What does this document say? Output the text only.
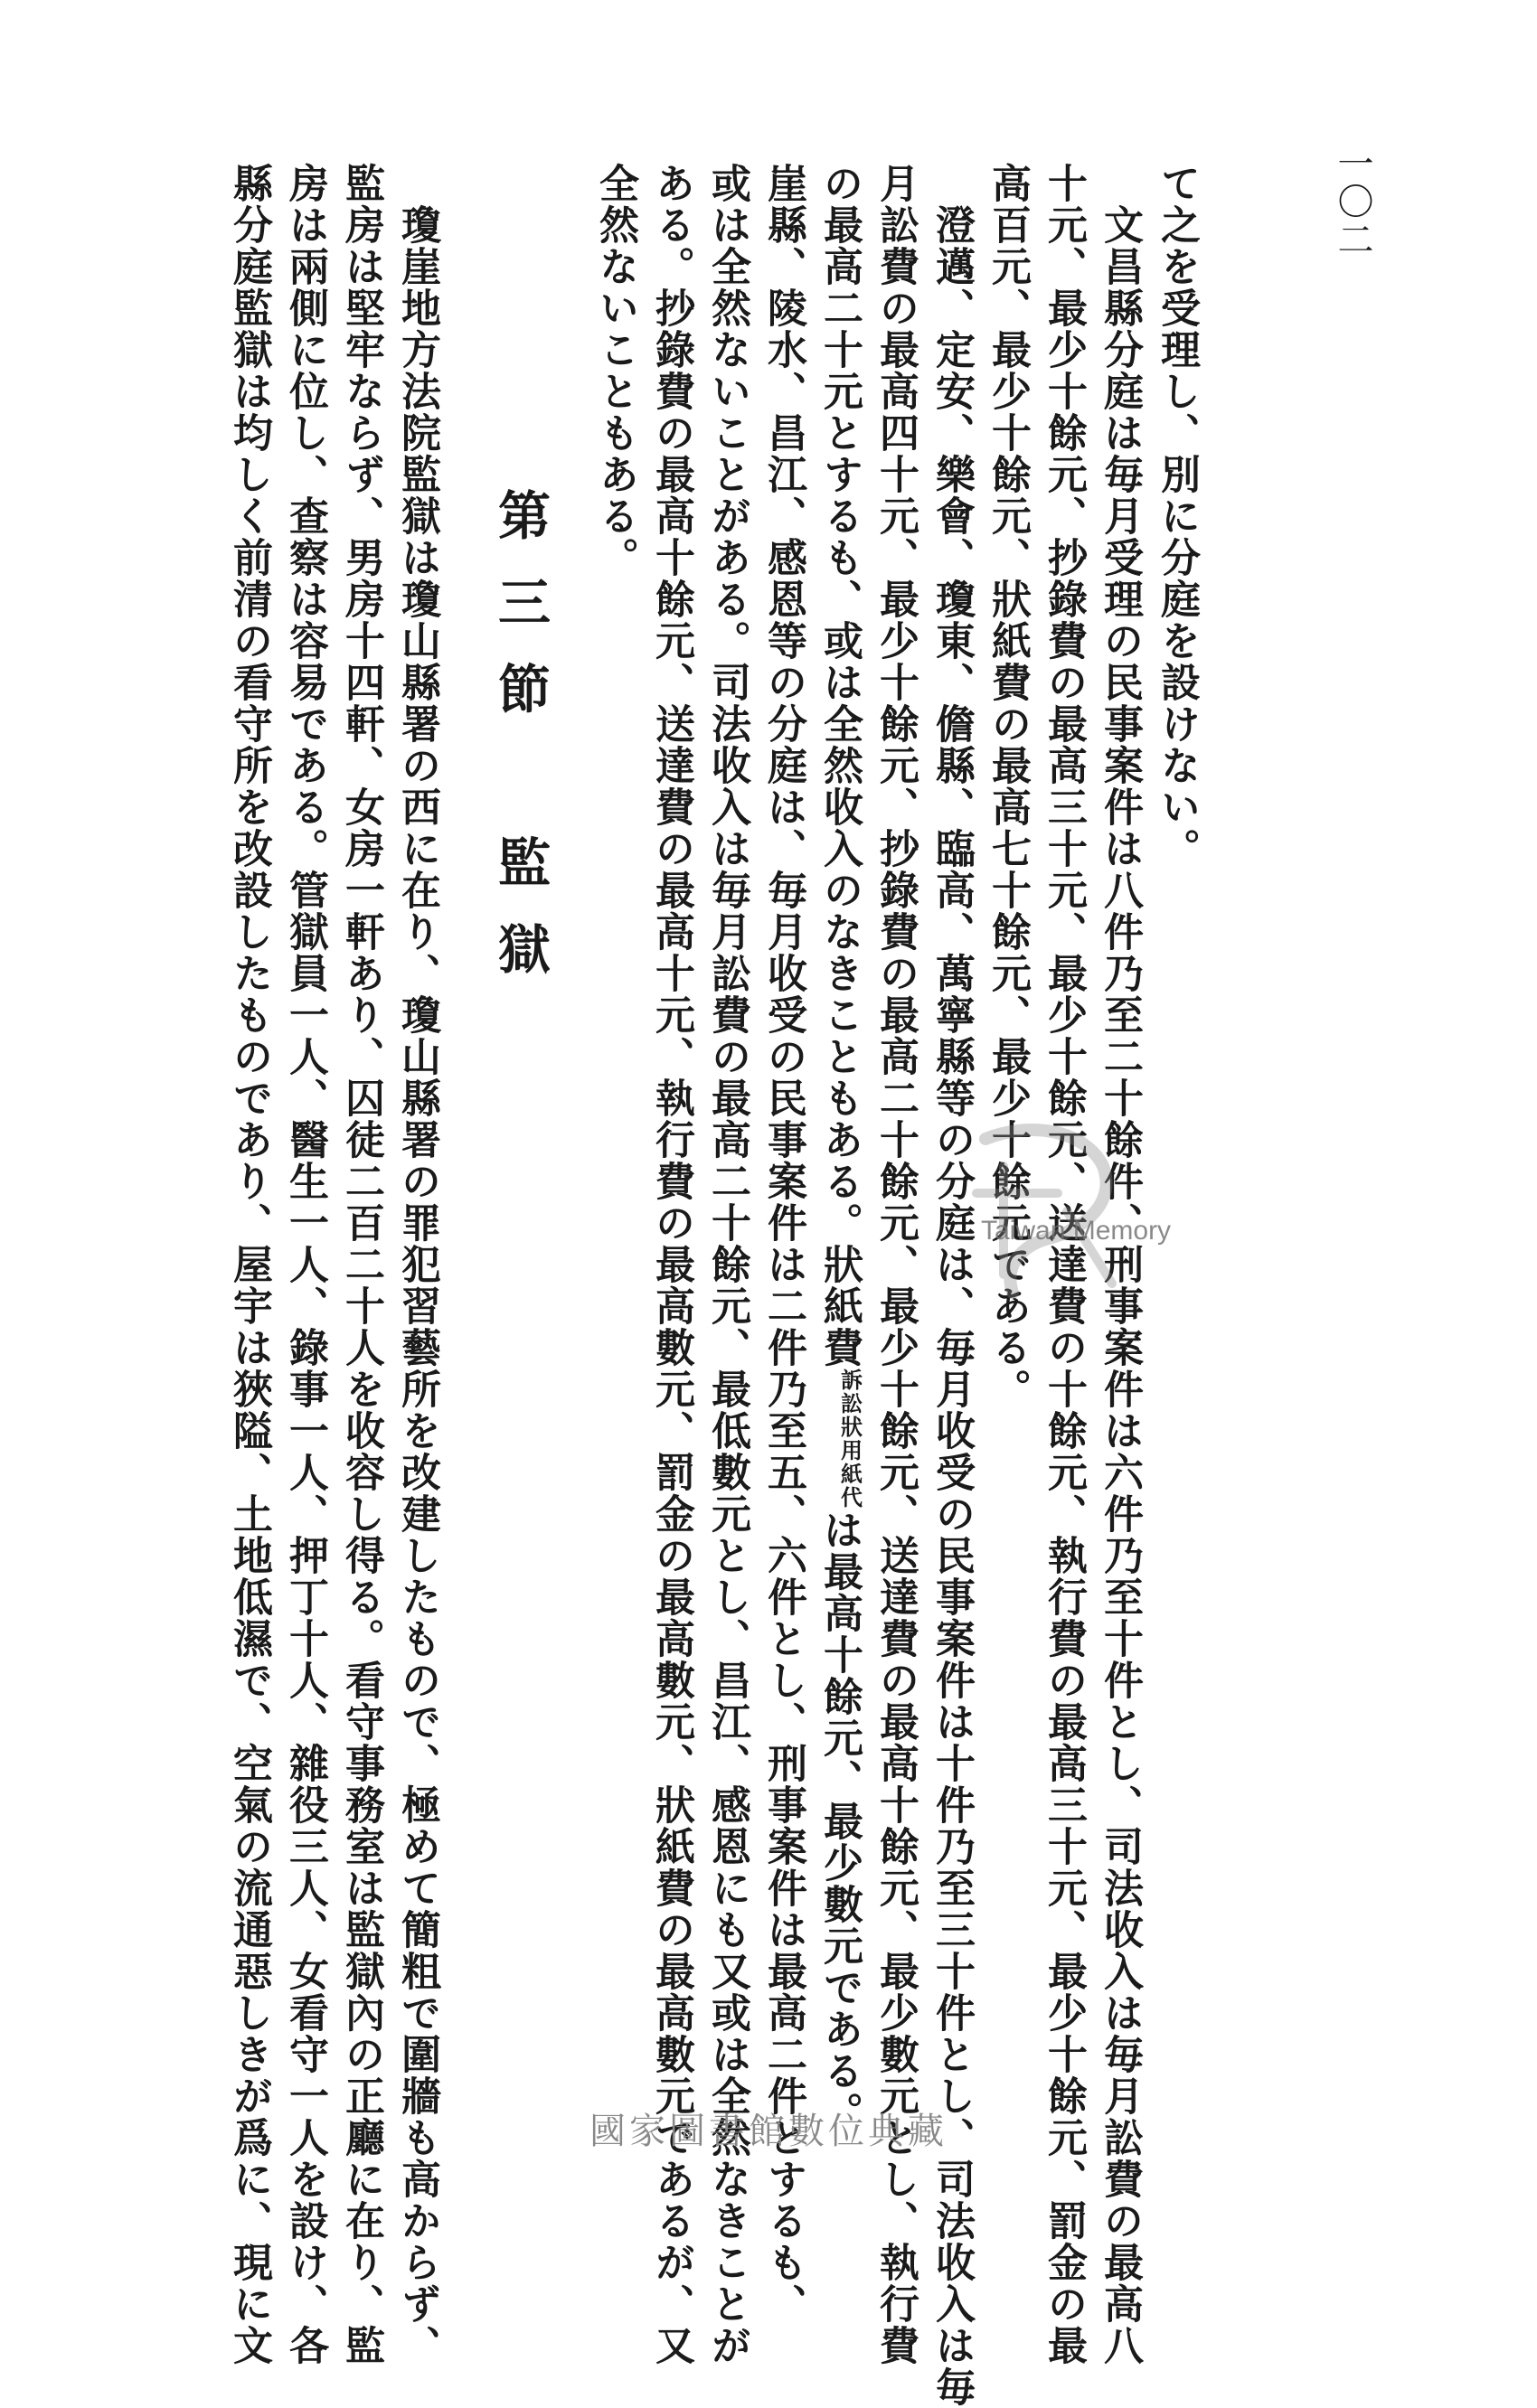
一〇二
て之を受理し、別に分庭を設けない。
　文昌縣分庭は毎月受理の民事案件は八件乃至二十餘件、刑事案件は六件乃至十件とし、司法收入は毎月訟費の最高八
十元、最少十餘元、抄錄費の最高三十元、最少十餘元、送達費の十餘元、執行費の最高三十元、最少十餘元、罰金の最
高百元、最少十餘元、狀紙費の最高七十餘元、最少十餘元である。
　澄邁、定安、樂會、瓊東、儋縣、臨高、萬寧縣等の分庭は、毎月收受の民事案件は十件乃至三十件とし、司法收入は毎
月訟費の最高四十元、最少十餘元、抄錄費の最高二十餘元、最少十餘元、送達費の最高十餘元、最少數元とし、執行費
の最高二十元とするも、或は全然收入のなきこともある。狀紙費訴訟狀用紙代は最高十餘元、最少數元である。
崖縣、陵水、昌江、感恩等の分庭は、毎月收受の民事案件は二件乃至五、六件とし、刑事案件は最高二件とするも、
或は全然ないことがある。司法收入は毎月訟費の最高二十餘元、最低數元とし、昌江、感恩にも又或は全然なきことが
ある。抄錄費の最高十餘元、送達費の最高十元、執行費の最高數元、罰金の最高數元、狀紙費の最高數元であるが、又
全然ないこともある。
第三節　監獄
　瓊崖地方法院監獄は瓊山縣署の西に在り、瓊山縣署の罪犯習藝所を改建したもので、極めて簡粗で圍牆も高からず、
監房は堅牢ならず、男房十四軒、女房一軒あり、囚徒二百二十人を收容し得る。看守事務室は監獄內の正廳に在り、監
房は兩側に位し、查察は容易である。管獄員一人、醫生一人、錄事一人、押丁十人、雜役三人、女看守一人を設け、各
縣分庭監獄は均しく前清の看守所を改設したものであり、屋宇は狹隘、土地低濕で、空氣の流通惡しきが爲に、現に文	Taiwan Memory
國家圖書館數位典藏
